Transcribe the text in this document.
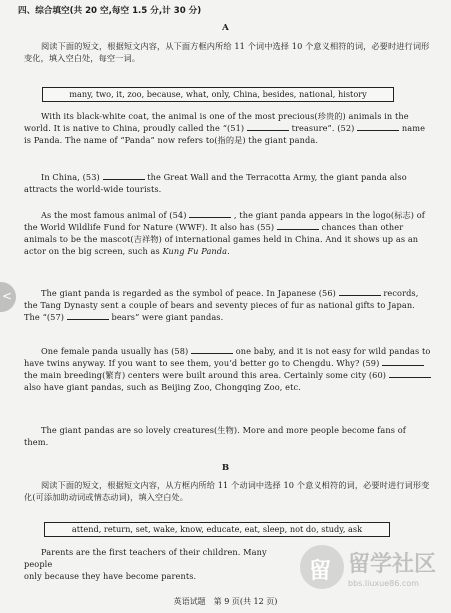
四、综合填空(共 20 空,每空 1.5 分,计 30 分)
A
阅读下面的短文，根据短文内容，从下面方框内所给 11 个词中选择 10 个意义相符的词，必要时进行词形变化，填入空白处，每空一词。
many, two, it, zoo, because, what, only, China, besides, national, history
With its black-white coat, the animal is one of the most precious(珍贵的) animals in the world. It is native to China, proudly called the “(51)	treasure”. (52)	name is Panda. The name of “Panda” now refers to(指的是) the giant panda.
In China, (53)	the Great Wall and the Terracotta Army, the giant panda also attracts the world-wide tourists.
As the most famous animal of (54)	, the giant panda appears in the logo(标志) of the World Wildlife Fund for Nature (WWF). It also has (55)	chances than other animals to be the mascot(吉祥物) of international games held in China. And it shows up as an actor on the big screen, such as Kung Fu Panda.
The giant panda is regarded as the symbol of peace. In Japanese (56)	records, the Tang Dynasty sent a couple of bears and seventy pieces of fur as national gifts to Japan. The “(57)	bears” were giant pandas.
One female panda usually has (58)	one baby, and it is not easy for wild pandas to have twins anyway. If you want to see them, you’d better go to Chengdu. Why? (59)  the main breeding(繁育) centers were built around this area. Certainly some city (60)  also have giant pandas, such as Beijing Zoo, Chongqing Zoo, etc.
The giant pandas are so lovely creatures(生物). More and more people become fans of them.
B
阅读下面的短文，根据短文内容，从方框内所给 11 个动词中选择 10 个意义相符的词，必要时进行词形变化(可添加助动词或情态动词)，填入空白处。
attend, return, set, wake, know, educate, eat, sleep, not do, study, ask
Parents are the first teachers of their children. Many people
only because they have become parents.
英语试题　第 9 页(共 12 页)
<
留 留学社区
bbs.liuxue86.com
